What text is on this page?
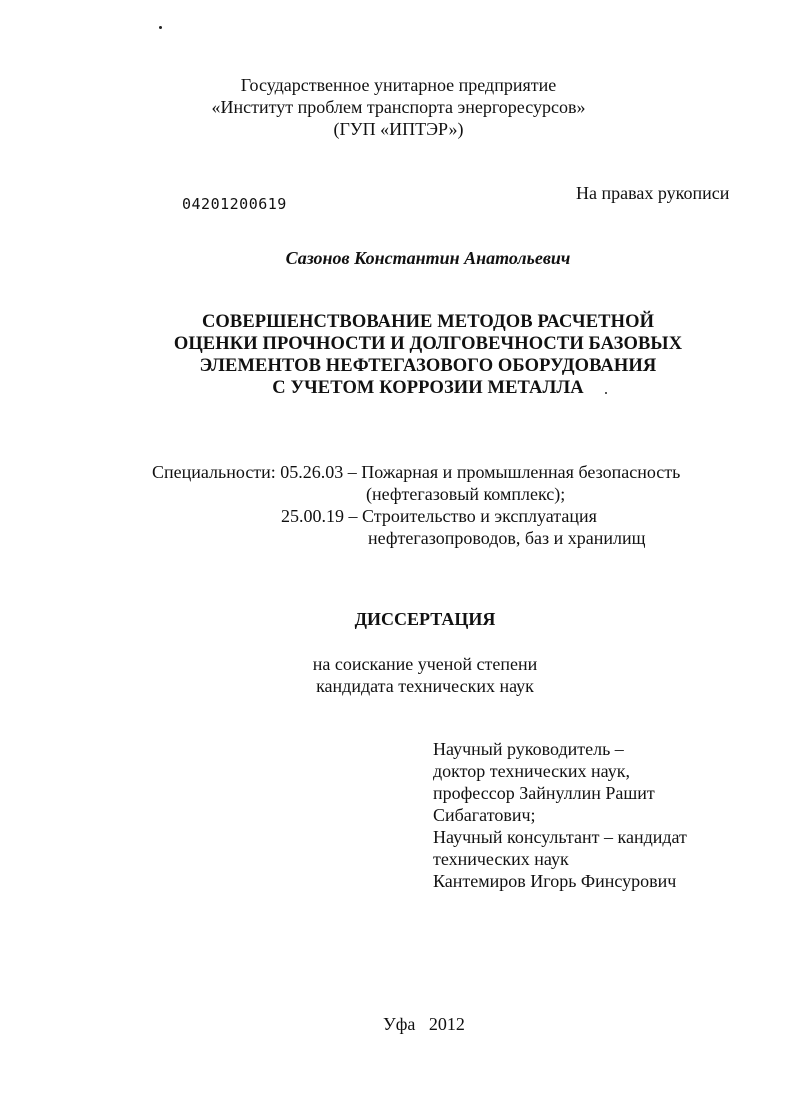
Государственное унитарное предприятие
«Институт проблем транспорта энергоресурсов»
(ГУП «ИПТЭР»)
04201200619
На правах рукописи
Сазонов Константин Анатольевич
СОВЕРШЕНСТВОВАНИЕ МЕТОДОВ РАСЧЕТНОЙ
ОЦЕНКИ ПРОЧНОСТИ И ДОЛГОВЕЧНОСТИ БАЗОВЫХ
ЭЛЕМЕНТОВ НЕФТЕГАЗОВОГО ОБОРУДОВАНИЯ
С УЧЕТОМ КОРРОЗИИ МЕТАЛЛА
Специальности: 05.26.03 – Пожарная и промышленная безопасность
(нефтегазовый комплекс);
25.00.19 – Строительство и эксплуатация
нефтегазопроводов, баз и хранилищ
ДИССЕРТАЦИЯ
на соискание ученой степени
кандидата технических наук
Научный руководитель –
доктор технических наук,
профессор Зайнуллин Рашит
Сибагатович;
Научный консультант – кандидат
технических наук
Кантемиров Игорь Финсурович
Уфа   2012
